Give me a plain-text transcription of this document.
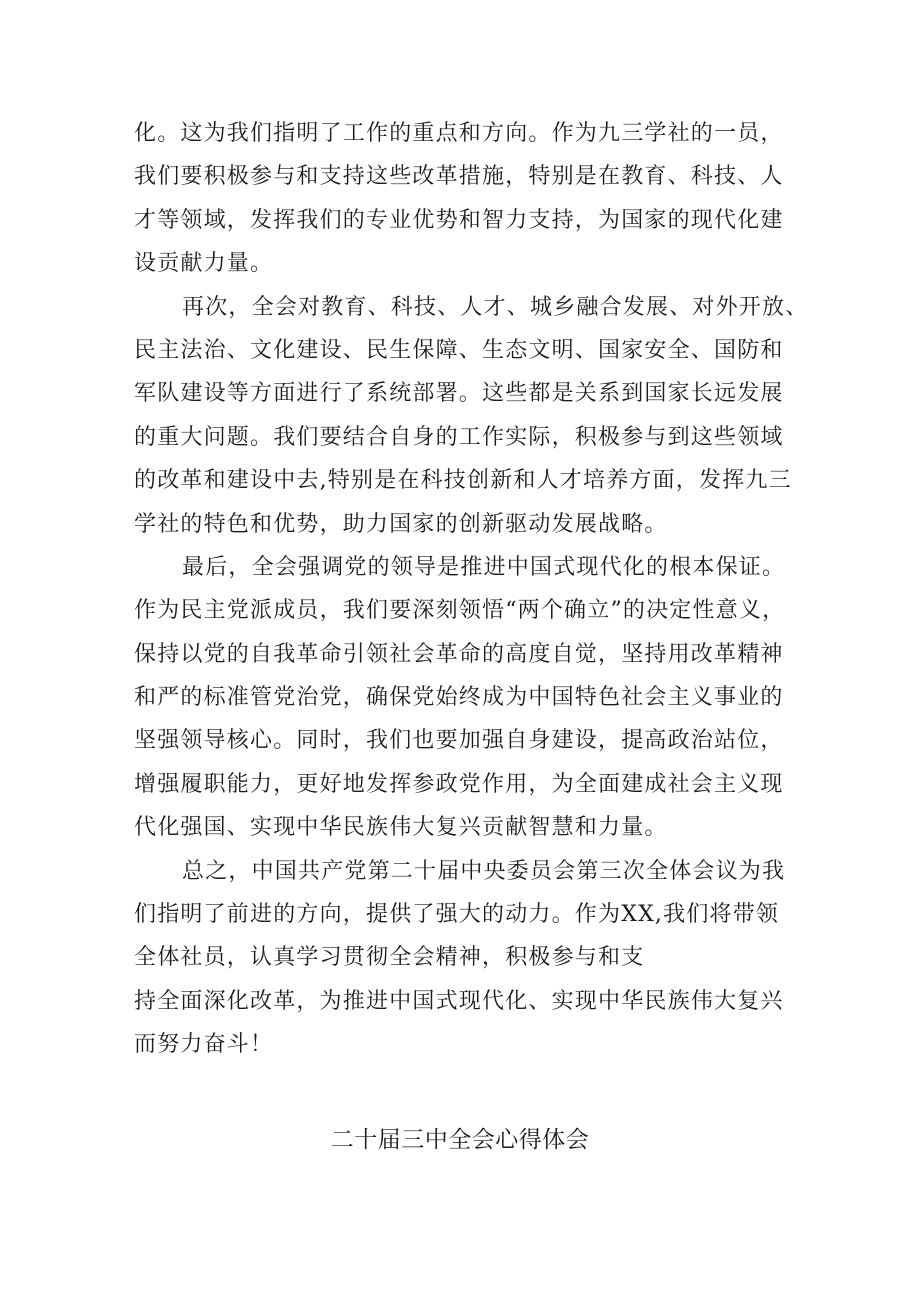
化。这为我们指明了工作的重点和方向。作为九三学社的一员，
我们要积极参与和支持这些改革措施，特别是在教育、科技、人
才等领域，发挥我们的专业优势和智力支持，为国家的现代化建
设贡献力量。
再次，全会对教育、科技、人才、城乡融合发展、对外开放、
民主法治、文化建设、民生保障、生态文明、国家安全、国防和
军队建设等方面进行了系统部署。这些都是关系到国家长远发展
的重大问题。我们要结合自身的工作实际，积极参与到这些领域
的改革和建设中去,特别是在科技创新和人才培养方面，发挥九三
学社的特色和优势，助力国家的创新驱动发展战略。
最后，全会强调党的领导是推进中国式现代化的根本保证。
作为民主党派成员，我们要深刻领悟“两个确立”的决定性意义，
保持以党的自我革命引领社会革命的高度自觉，坚持用改革精神
和严的标准管党治党，确保党始终成为中国特色社会主义事业的
坚强领导核心。同时，我们也要加强自身建设，提高政治站位，
增强履职能力，更好地发挥参政党作用，为全面建成社会主义现
代化强国、实现中华民族伟大复兴贡献智慧和力量。
总之，中国共产党第二十届中央委员会第三次全体会议为我
们指明了前进的方向，提供了强大的动力。作为XX,我们将带领
全体社员，认真学习贯彻全会精神，积极参与和支
持全面深化改革，为推进中国式现代化、实现中华民族伟大复兴
而努力奋斗！
二十届三中全会心得体会
